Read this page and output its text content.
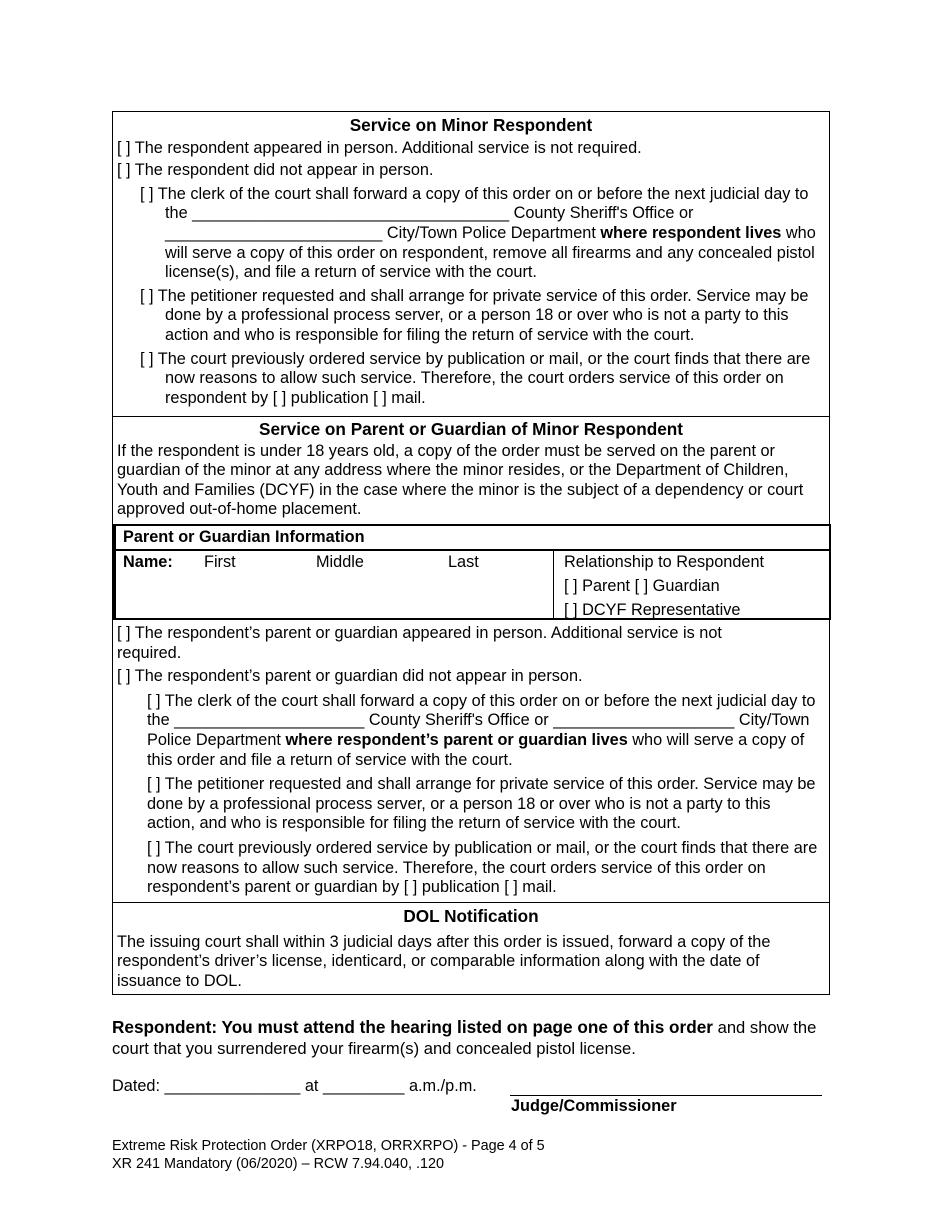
Service on Minor Respondent

[ ] The respondent appeared in person. Additional service is not required.

[ ] The respondent did not appear in person.

[ ] The clerk of the court shall forward a copy of this order on or before the next judicial day to the ___________________________________ County Sheriff's Office or ________________________ City/Town Police Department where respondent lives who will serve a copy of this order on respondent, remove all firearms and any concealed pistol license(s), and file a return of service with the court.

[ ] The petitioner requested and shall arrange for private service of this order. Service may be done by a professional process server, or a person 18 or over who is not a party to this action and who is responsible for filing the return of service with the court.

[ ] The court previously ordered service by publication or mail, or the court finds that there are now reasons to allow such service. Therefore, the court orders service of this order on respondent by [ ] publication [ ] mail.

Service on Parent or Guardian of Minor Respondent

If the respondent is under 18 years old, a copy of the order must be served on the parent or guardian of the minor at any address where the minor resides, or the Department of Children, Youth and Families (DCYF) in the case where the minor is the subject of a dependency or court approved out-of-home placement.

Parent or Guardian Information
Name: First	Middle	Last	Relationship to Respondent
[ ] Parent [ ] Guardian
[ ] DCYF Representative

[ ] The respondent’s parent or guardian appeared in person. Additional service is not required.

[ ] The respondent’s parent or guardian did not appear in person.

[ ] The clerk of the court shall forward a copy of this order on or before the next judicial day to the _____________________ County Sheriff's Office or ____________________ City/Town Police Department where respondent’s parent or guardian lives who will serve a copy of this order and file a return of service with the court.

[ ] The petitioner requested and shall arrange for private service of this order. Service may be done by a professional process server, or a person 18 or over who is not a party to this action, and who is responsible for filing the return of service with the court.

[ ] The court previously ordered service by publication or mail, or the court finds that there are now reasons to allow such service. Therefore, the court orders service of this order on respondent’s parent or guardian by [ ] publication [ ] mail.

DOL Notification

The issuing court shall within 3 judicial days after this order is issued, forward a copy of the respondent’s driver’s license, identicard, or comparable information along with the date of issuance to DOL.

Respondent: You must attend the hearing listed on page one of this order and show the court that you surrendered your firearm(s) and concealed pistol license.

Dated: _______________ at _________ a.m./p.m.

Judge/Commissioner

Extreme Risk Protection Order (XRPO18, ORRXRPO) - Page 4 of 5

XR 241 Mandatory (06/2020) – RCW 7.94.040, .120
